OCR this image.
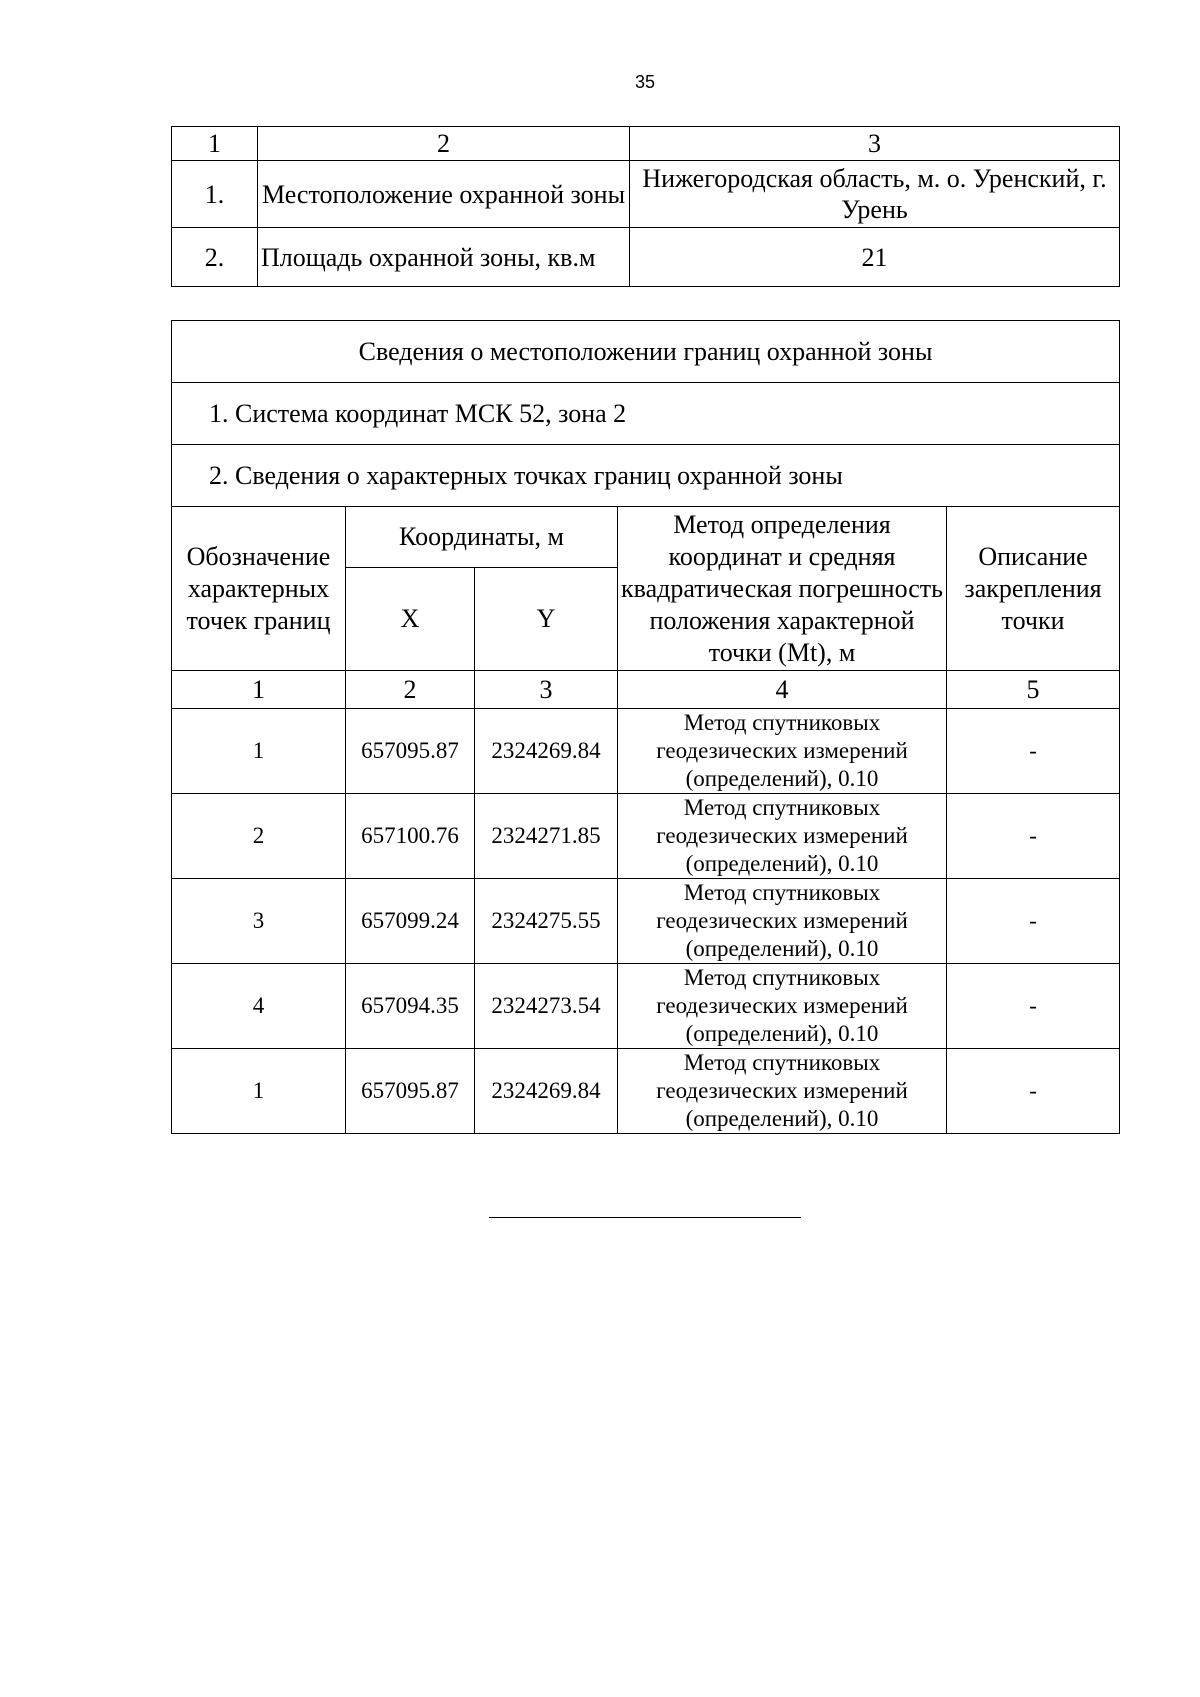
35
1	2	3
1.	Местоположение охранной зоны	Нижегородская область, м. о. Уренский, г. Урень
2.	Площадь охранной зоны, кв.м	21
Сведения о местоположении границ охранной зоны				
1. Система координат МСК 52, зона 2				
2. Сведения о характерных точках границ охранной зоны				
Обозначение характерных точек границ	Координаты, м		Метод определения координат и средняя квадратическая погрешность положения характерной точки (Mt), м	Описание закрепления точки
	X	Y		
1	2	3	4	5
1	657095.87	2324269.84	Метод спутниковых геодезических измерений (определений), 0.10	-
2	657100.76	2324271.85	Метод спутниковых геодезических измерений (определений), 0.10	-
3	657099.24	2324275.55	Метод спутниковых геодезических измерений (определений), 0.10	-
4	657094.35	2324273.54	Метод спутниковых геодезических измерений (определений), 0.10	-
1	657095.87	2324269.84	Метод спутниковых геодезических измерений (определений), 0.10	-
